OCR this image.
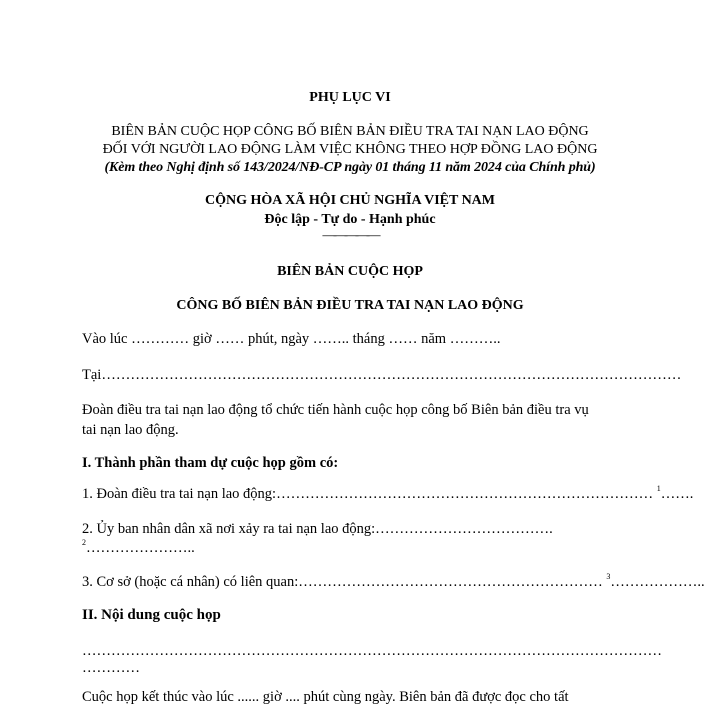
PHỤ LỤC VI
BIÊN BẢN CUỘC HỌP CÔNG BỐ BIÊN BẢN ĐIỀU TRA TAI NẠN LAO ĐỘNG
ĐỐI VỚI NGƯỜI LAO ĐỘNG LÀM VIỆC KHÔNG THEO HỢP ĐỒNG LAO ĐỘNG
(Kèm theo Nghị định số 143/2024/NĐ-CP ngày 01 tháng 11 năm 2024 của Chính phủ)
CỘNG HÒA XÃ HỘI CHỦ NGHĨA VIỆT NAM
Độc lập - Tự do - Hạnh phúc
—————
BIÊN BẢN CUỘC HỌP
CÔNG BỐ BIÊN BẢN ĐIỀU TRA TAI NẠN LAO ĐỘNG
Vào lúc ………… giờ …… phút, ngày …….. tháng …… năm ………..
Tại…………………………………………………………………………………………………………
Đoàn điều tra tai nạn lao động tổ chức tiến hành cuộc họp công bố Biên bản điều tra vụ
tai nạn lao động.
I. Thành phần tham dự cuộc họp gồm có:
1. Đoàn điều tra tai nạn lao động:…………………………………………………………………… $^1$…….
2. Ủy ban nhân dân xã nơi xảy ra tai nạn lao động:……………………………….
$^2$…………………..
3. Cơ sở (hoặc cá nhân) có liên quan:……………………………………………………… $^3$………………..
II. Nội dung cuộc họp
…………………………………………………………………………………………………………
…………
Cuộc họp kết thúc vào lúc ...... giờ .... phút cùng ngày. Biên bản đã được đọc cho tất
